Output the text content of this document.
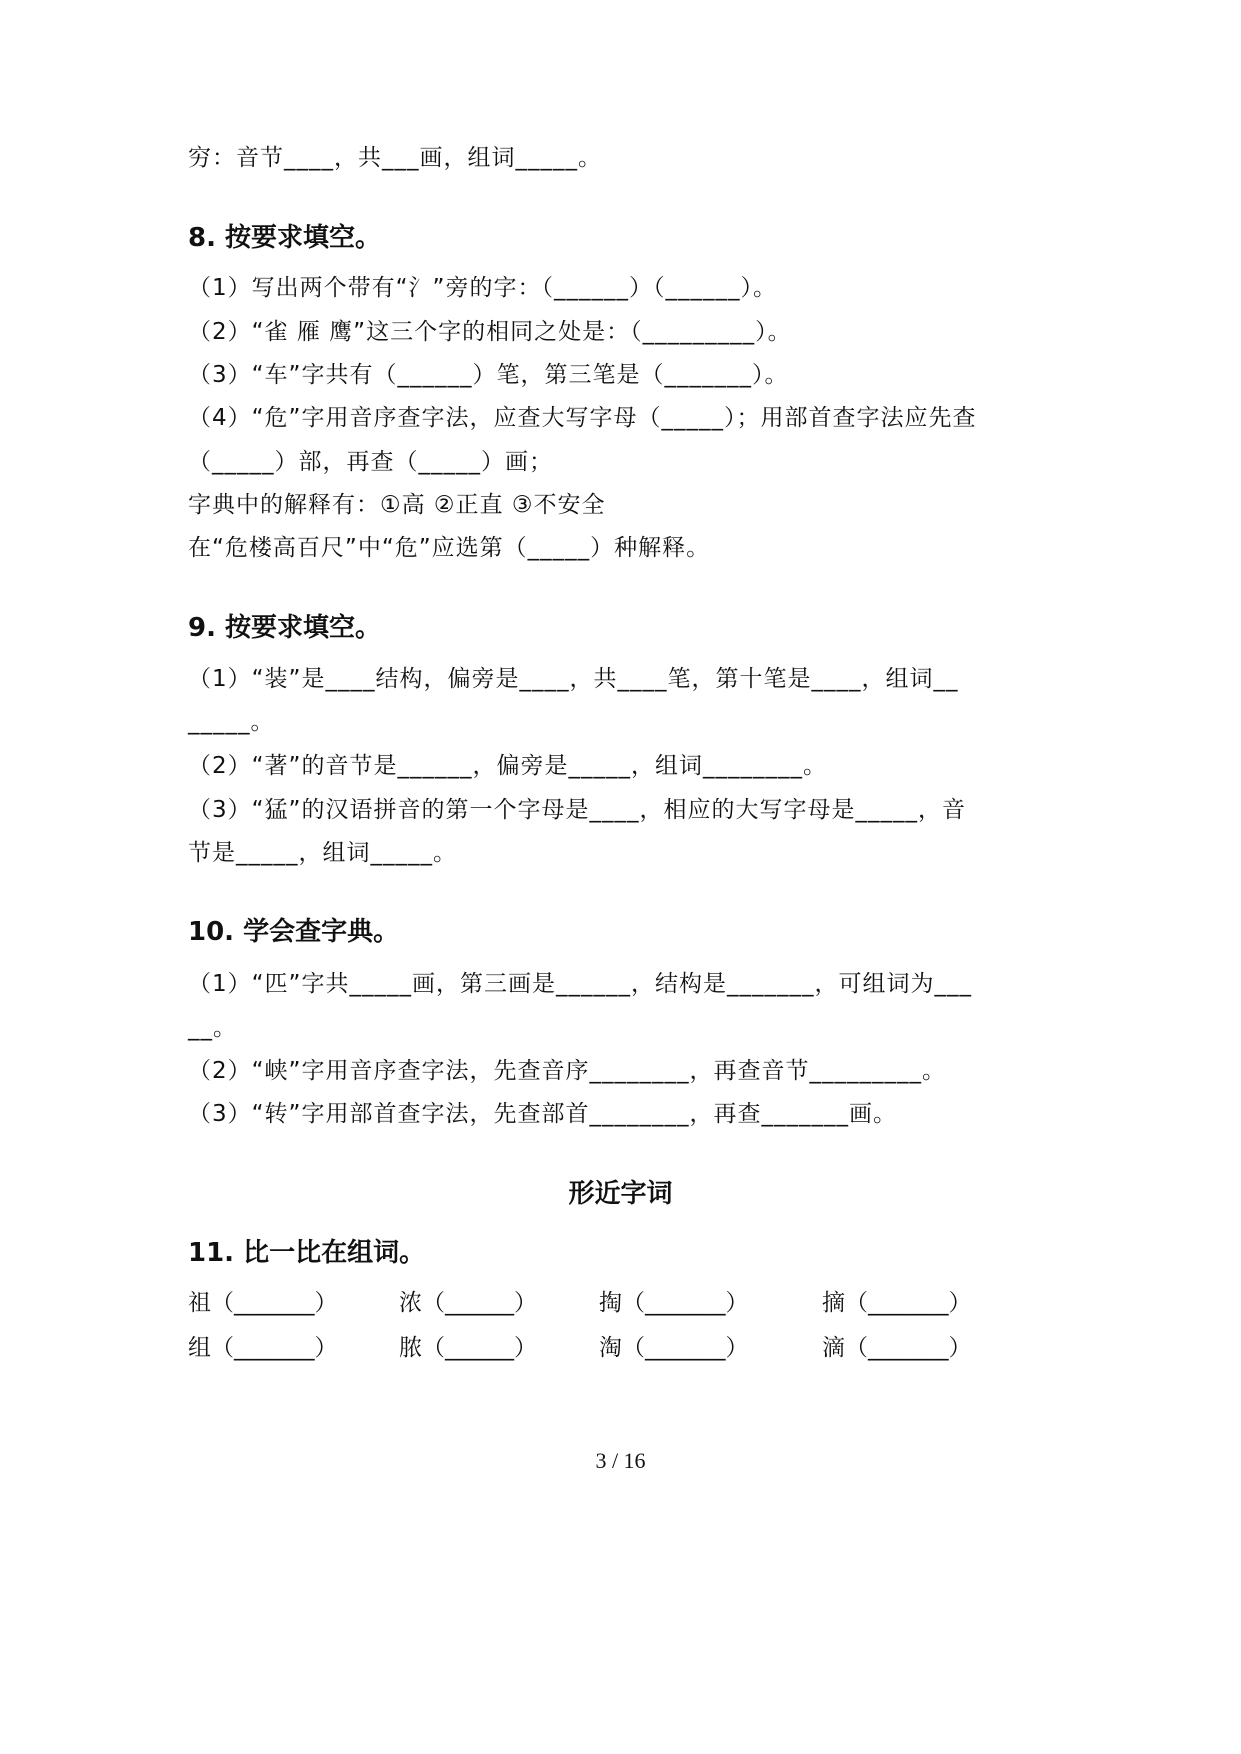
穷：音节____，共___画，组词_____。
8. 按要求填空。
（1）写出两个带有“氵”旁的字：（______）（______）。
（2）“雀 雁 鹰”这三个字的相同之处是：（_________）。
（3）“车”字共有（______）笔，第三笔是（_______）。
（4）“危”字用音序查字法，应查大写字母（_____）；用部首查字法应先查
（_____）部，再查（_____）画；
字典中的解释有：①高 ②正直 ③不安全
在“危楼高百尺”中“危”应选第（_____）种解释。
9. 按要求填空。
（1）“装”是____结构，偏旁是____，共____笔，第十笔是____，组词__
_____。
（2）“著”的音节是______，偏旁是_____，组词________。
（3）“猛”的汉语拼音的第一个字母是____，相应的大写字母是_____，音
节是_____，组词_____。
10. 学会查字典。
（1）“匹”字共_____画，第三画是______，结构是_______，可组词为___
__。
（2）“峡”字用音序查字法，先查音序________，再查音节_________。
（3）“转”字用部首查字法，先查部首________，再查_______画。
形近字词
11. 比一比在组词。
祖（_______）	浓（______）	掏（_______）	摘（_______）
组（_______）	脓（______）	淘（_______）	滴（_______）
3 / 16
